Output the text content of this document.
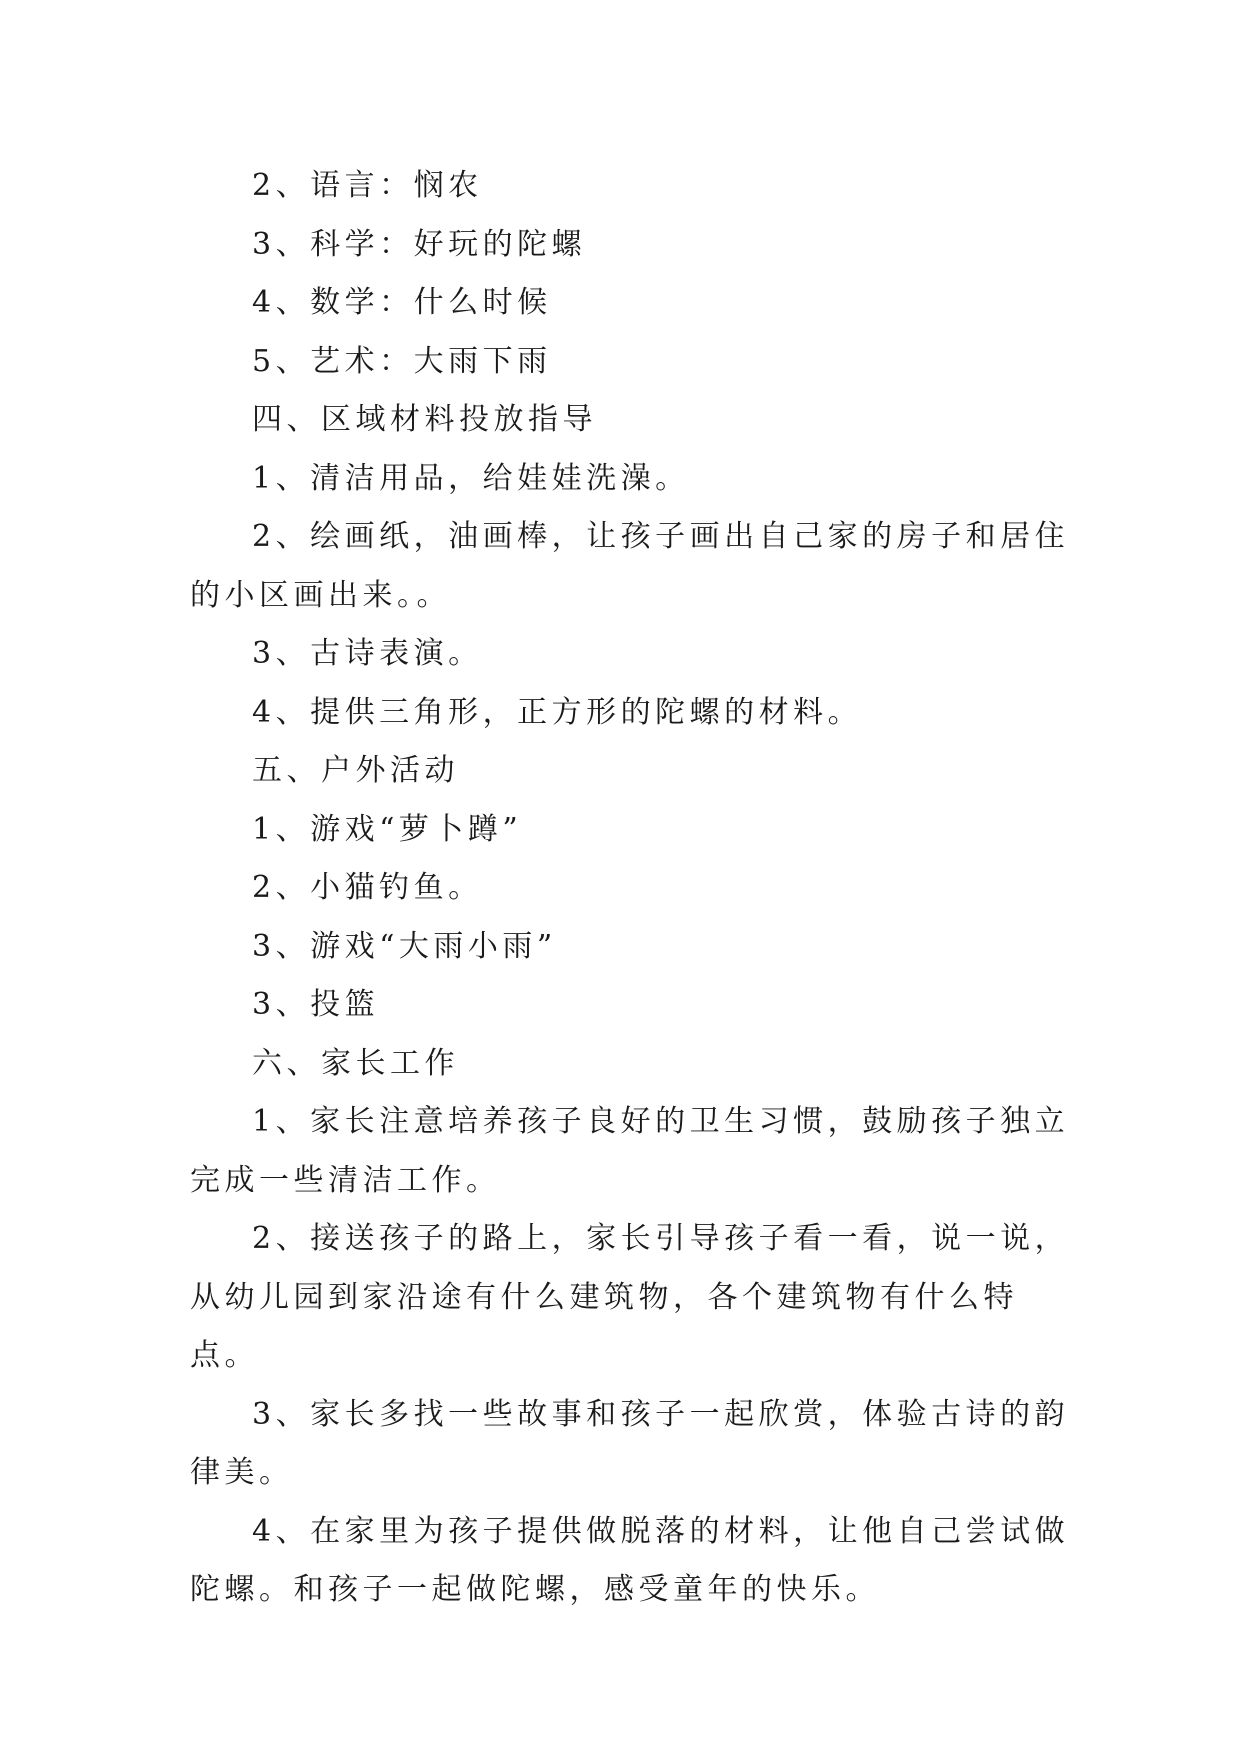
2、语言：悯农

3、科学：好玩的陀螺

4、数学：什么时候

5、艺术：大雨下雨

四、区域材料投放指导

1、清洁用品，给娃娃洗澡。

2、绘画纸，油画棒，让孩子画出自己家的房子和居住的小区画出来。。

3、古诗表演。

4、提供三角形，正方形的陀螺的材料。

五、户外活动

1、游戏“萝卜蹲”

2、小猫钓鱼。

3、游戏“大雨小雨”

3、投篮

六、家长工作

1、家长注意培养孩子良好的卫生习惯，鼓励孩子独立完成一些清洁工作。

2、接送孩子的路上，家长引导孩子看一看，说一说，从幼儿园到家沿途有什么建筑物，各个建筑物有什么特点。

3、家长多找一些故事和孩子一起欣赏，体验古诗的韵律美。

4、在家里为孩子提供做脱落的材料，让他自己尝试做陀螺。和孩子一起做陀螺，感受童年的快乐。
